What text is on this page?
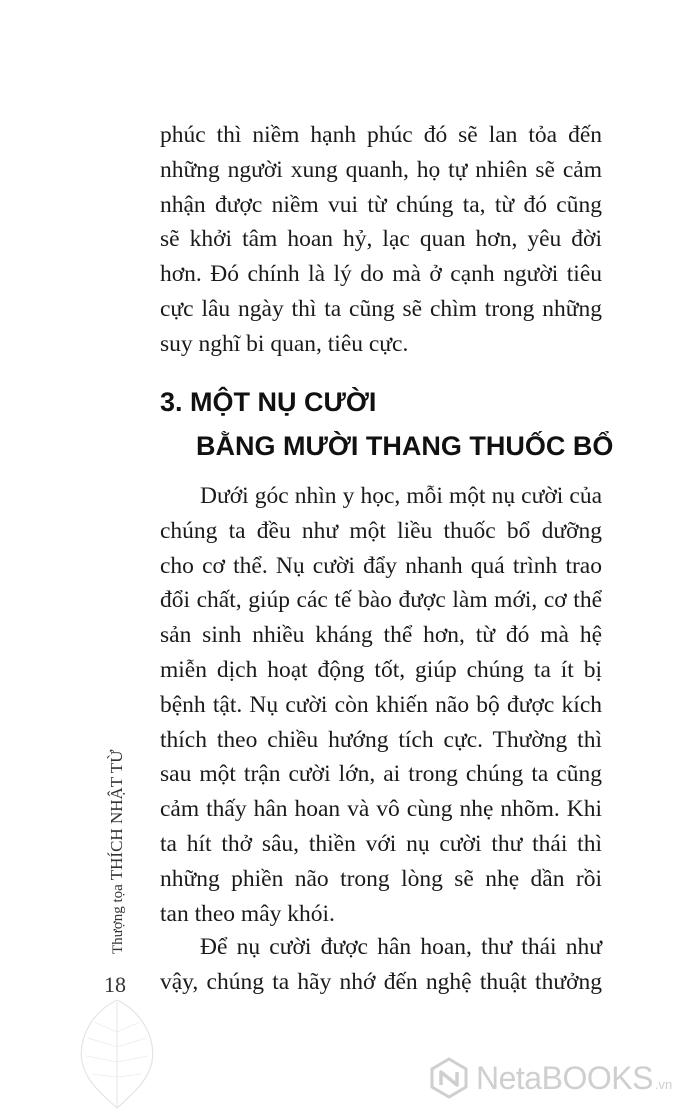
phúc thì niềm hạnh phúc đó sẽ lan tỏa đến
những người xung quanh, họ tự nhiên sẽ cảm
nhận được niềm vui từ chúng ta, từ đó cũng
sẽ khởi tâm hoan hỷ, lạc quan hơn, yêu đời
hơn. Đó chính là lý do mà ở cạnh người tiêu
cực lâu ngày thì ta cũng sẽ chìm trong những
suy nghĩ bi quan, tiêu cực.
3. MỘT NỤ CƯỜI
BẰNG MƯỜI THANG THUỐC BỔ
Dưới góc nhìn y học, mỗi một nụ cười của
chúng ta đều như một liều thuốc bổ dưỡng
cho cơ thể. Nụ cười đẩy nhanh quá trình trao
đổi chất, giúp các tế bào được làm mới, cơ thể
sản sinh nhiều kháng thể hơn, từ đó mà hệ
miễn dịch hoạt động tốt, giúp chúng ta ít bị
bệnh tật. Nụ cười còn khiến não bộ được kích
thích theo chiều hướng tích cực. Thường thì
sau một trận cười lớn, ai trong chúng ta cũng
cảm thấy hân hoan và vô cùng nhẹ nhõm. Khi
ta hít thở sâu, thiền với nụ cười thư thái thì
những phiền não trong lòng sẽ nhẹ dần rồi
tan theo mây khói.
Để nụ cười được hân hoan, thư thái như
vậy, chúng ta hãy nhớ đến nghệ thuật thưởng
Thượng tọa THÍCH NHẬT TỪ
18
NetaBOOKS .vn
